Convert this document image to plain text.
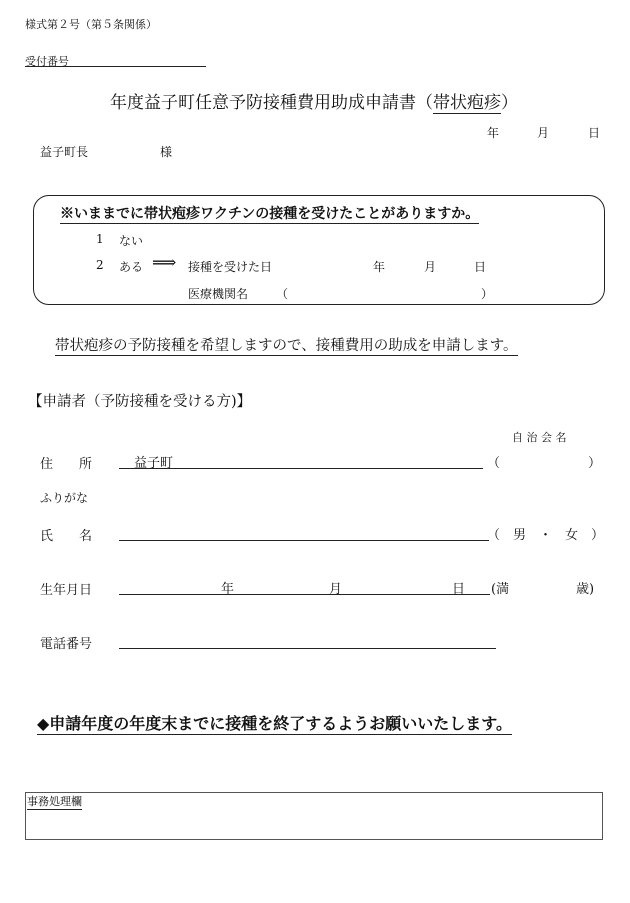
様式第２号（第５条関係）
受付番号
年度益子町任意予防接種費用助成申請書（帯状疱疹）
年	月	日
益子町長	様
※いままでに帯状疱疹ワクチンの接種を受けたことがありますか。
1 ない
2 ある ⟹ 接種を受けた日	年	月	日
医療機関名 （	）
帯状疱疹の予防接種を希望しますので、接種費用の助成を申請します。
【申請者（予防接種を受ける方)】
自 治 会 名
住　　所	益子町	（	）
ふりがな
氏　　名	（　男　・　女　）
生年月日	年	月	日 (満	歳)
電話番号
◆申請年度の年度末までに接種を終了するようお願いいたします。
事務処理欄
